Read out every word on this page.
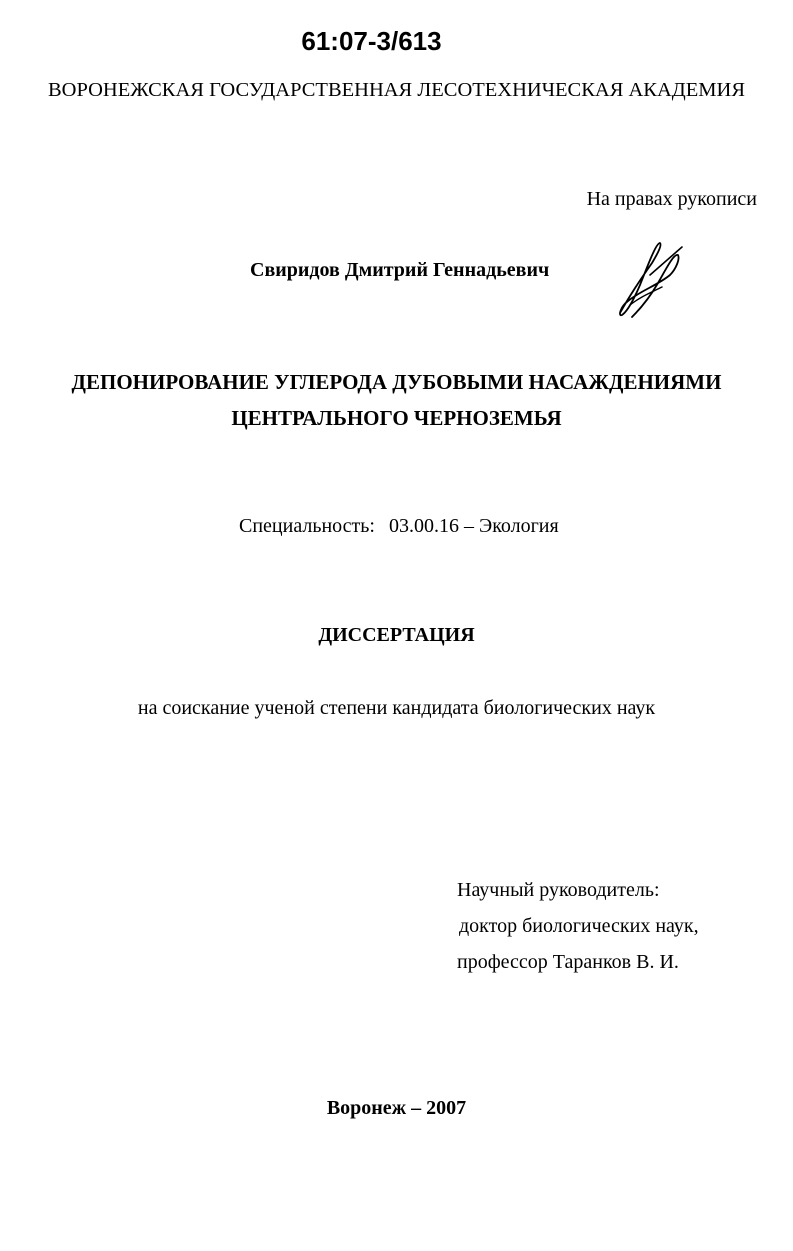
61:07-3/613
ВОРОНЕЖСКАЯ ГОСУДАРСТВЕННАЯ ЛЕСОТЕХНИЧЕСКАЯ АКАДЕМИЯ
На правах рукописи
Свиридов Дмитрий Геннадьевич
ДЕПОНИРОВАНИЕ УГЛЕРОДА ДУБОВЫМИ НАСАЖДЕНИЯМИ
ЦЕНТРАЛЬНОГО ЧЕРНОЗЕМЬЯ
Специальность: 03.00.16 – Экология
ДИССЕРТАЦИЯ
на соискание ученой степени кандидата биологических наук
Научный руководитель:
доктор биологических наук,
профессор Таранков В. И.
Воронеж – 2007
